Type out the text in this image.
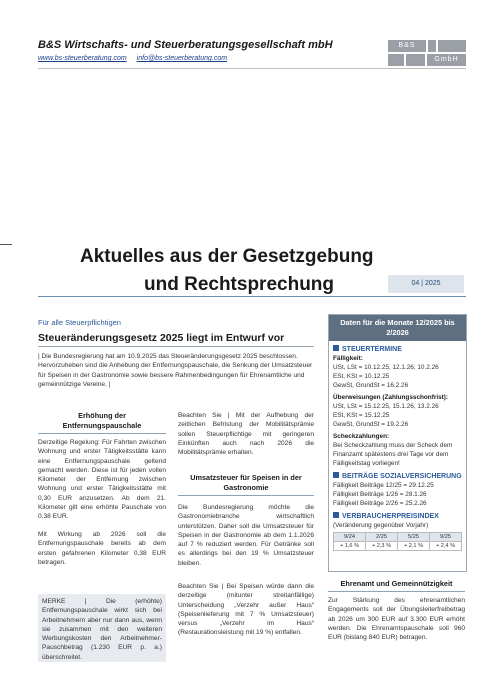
B&S Wirtschafts- und Steuerberatungsgesellschaft mbH
www.bs-steuerberatung.com info@bs-steuerberatung.com
B&S
GmbH
Aktuelles aus der Gesetzgebung
und Rechtsprechung	04 | 2025
Für alle Steuerpflichtigen
Steueränderungsgesetz 2025 liegt im Entwurf vor
| Die Bundesregierung hat am 10.9.2025 das Steueränderungsgesetz 2025 beschlossen. Hervorzuheben sind die Anhebung der Entfernungspauschale, die Senkung der Umsatzsteuer für Speisen in der Gastronomie sowie bessere Rahmenbedingungen für Ehrenamtliche und gemeinnützige Vereine. |
Erhöhung der Entfernungspauschale
Derzeitige Regelung: Für Fahrten zwischen Wohnung und erster Tätigkeitsstätte kann eine Entfernungspauschale geltend gemacht werden. Diese ist für jeden vollen Kilometer der Entfernung zwischen Wohnung und erster Tätigkeitsstätte mit 0,30 EUR anzusetzen. Ab dem 21. Kilometer gilt eine erhöhte Pauschale von 0,38 EUR.
Mit Wirkung ab 2026 soll die Entfernungspauschale bereits ab dem ersten gefahrenen Kilometer 0,38 EUR betragen.
MERKE | Die (erhöhte) Entfernungspauschale wirkt sich bei Arbeitnehmern aber nur dann aus, wenn sie zusammen mit den weiteren Werbungskosten den Arbeitnehmer-Pauschbetrag (1.230 EUR p. a.) überschreitet.
Beachten Sie | Mit der Aufhebung der zeitlichen Befristung der Mobilitätsprämie sollen Steuerpflichtige mit geringeren Einkünften auch nach 2026 die Mobilitätsprämie erhalten.
Umsatzsteuer für Speisen in der Gastronomie
Die Bundesregierung möchte die Gastronomiebranche wirtschaftlich unterstützen. Daher soll die Umsatzsteuer für Speisen in der Gastronomie ab dem 1.1.2026 auf 7 % reduziert werden. Für Getränke soll es allerdings bei den 19 % Umsatzsteuer bleiben.
Beachten Sie | Bei Speisen würde dann die derzeitige (mitunter streitanfällige) Unterscheidung „Verzehr außer Haus“ (Speisenlieferung mit 7 % Umsatzsteuer) versus „Verzehr im Haus“ (Restaurationsleistung mit 19 %) entfallen.
Daten für die Monate 12/2025 bis 2/2026
STEUERTERMINE
Fälligkeit:
USt, LSt = 10.12.25, 12.1.26, 10.2.26
ESt, KSt = 10.12.25
GewSt, GrundSt = 16.2.26
Überweisungen (Zahlungsschonfrist):
USt, LSt = 15.12.25, 15.1.26, 13.2.26
ESt, KSt = 15.12.25
GewSt, GrundSt = 19.2.26
Scheckzahlungen:
Bei Scheckzahlung muss der Scheck dem Finanzamt spätestens drei Tage vor dem Fälligkeitstag vorliegen!
BEITRÄGE SOZIALVERSICHERUNG
Fälligkeit Beiträge 12/25 = 29.12.25
Fälligkeit Beiträge 1/26 = 28.1.26
Fälligkeit Beiträge 2/26 = 25.2.26
VERBRAUCHERPREISINDEX
(Veränderung gegenüber Vorjahr)
9/24	2/25	5/25	9/25
+ 1,6 %	+ 2,3 %	+ 2,1 %	+ 2,4 %
Ehrenamt und Gemeinnützigkeit
Zur Stärkung des ehrenamtlichen Engagements soll der Übungsleiterfreibetrag ab 2026 um 300 EUR auf 3.300 EUR erhöht werden. Die Ehrenamtspauschale soll 960 EUR (bislang 840 EUR) betragen.
